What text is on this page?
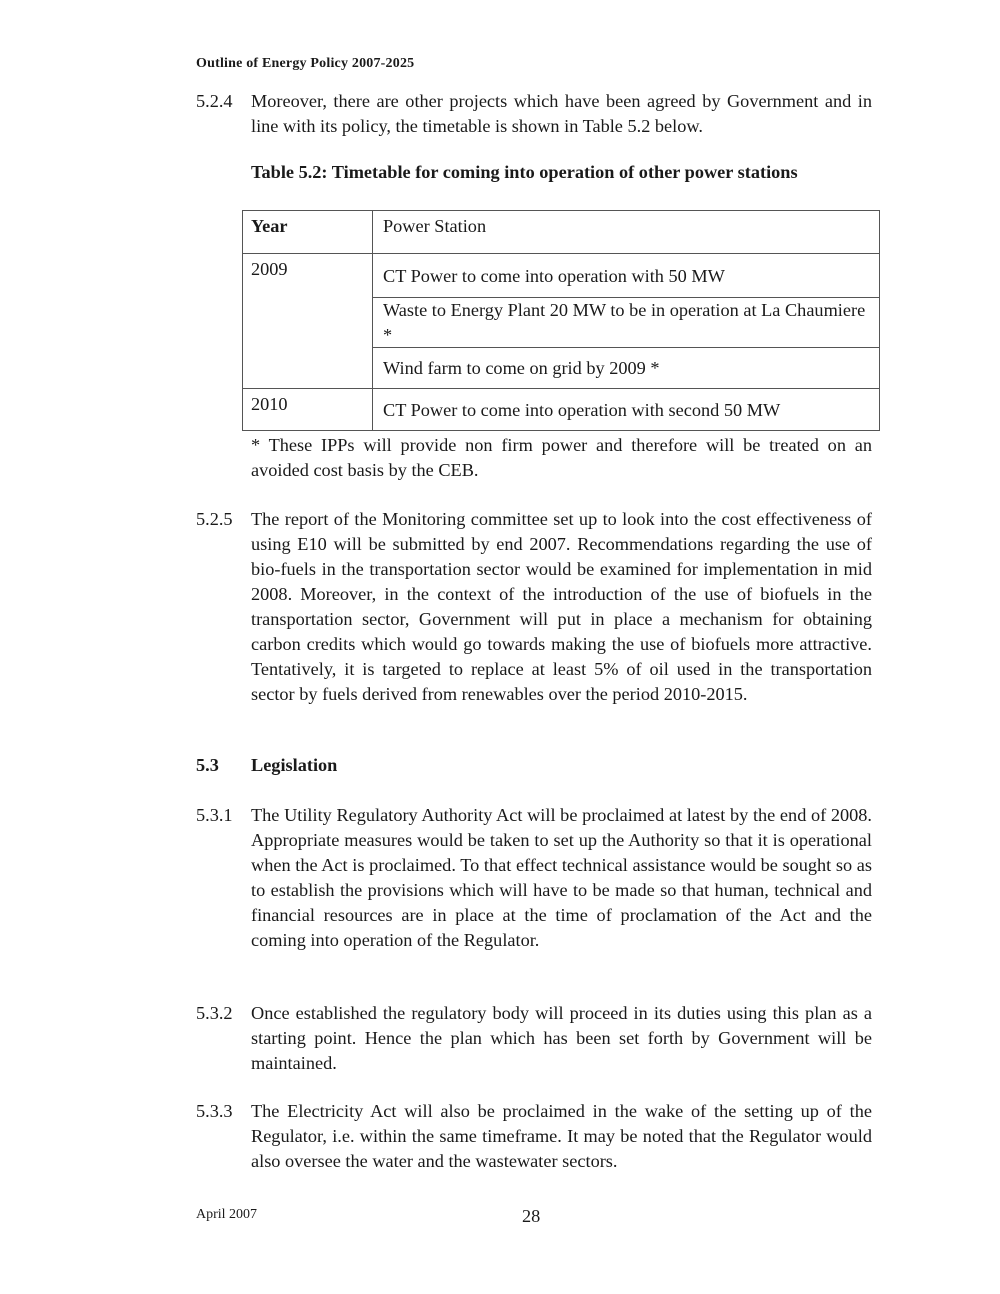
Outline of Energy Policy 2007-2025
5.2.4	Moreover, there are other projects which have been agreed by Government and in line with its policy, the timetable is shown in Table 5.2 below.
Table 5.2: Timetable for coming into operation of other power stations
Year	Power Station
2009	CT Power to come into operation with 50 MW
Waste to Energy Plant 20 MW to be in operation at La Chaumiere *
Wind farm to come on grid by 2009 *
2010	CT Power to come into operation with second 50 MW
* These IPPs will provide non firm power and therefore will be treated on an avoided cost basis by the CEB.
5.2.5	The report of the Monitoring committee set up to look into the cost effectiveness of using E10 will be submitted by end 2007. Recommendations regarding the use of bio-fuels in the transportation sector would be examined for implementation in mid 2008. Moreover, in the context of the introduction of the use of biofuels in the transportation sector, Government will put in place a mechanism for obtaining carbon credits which would go towards making the use of biofuels more attractive. Tentatively, it is targeted to replace at least 5% of oil used in the transportation sector by fuels derived from renewables over the period 2010-2015.
5.3 Legislation
5.3.1	The Utility Regulatory Authority Act will be proclaimed at latest by the end of 2008. Appropriate measures would be taken to set up the Authority so that it is operational when the Act is proclaimed. To that effect technical assistance would be sought so as to establish the provisions which will have to be made so that human, technical and financial resources are in place at the time of proclamation of the Act and the coming into operation of the Regulator.
5.3.2	Once established the regulatory body will proceed in its duties using this plan as a starting point. Hence the plan which has been set forth by Government will be maintained.
5.3.3	The Electricity Act will also be proclaimed in the wake of the setting up of the Regulator, i.e. within the same timeframe. It may be noted that the Regulator would also oversee the water and the wastewater sectors.
April 2007	28
